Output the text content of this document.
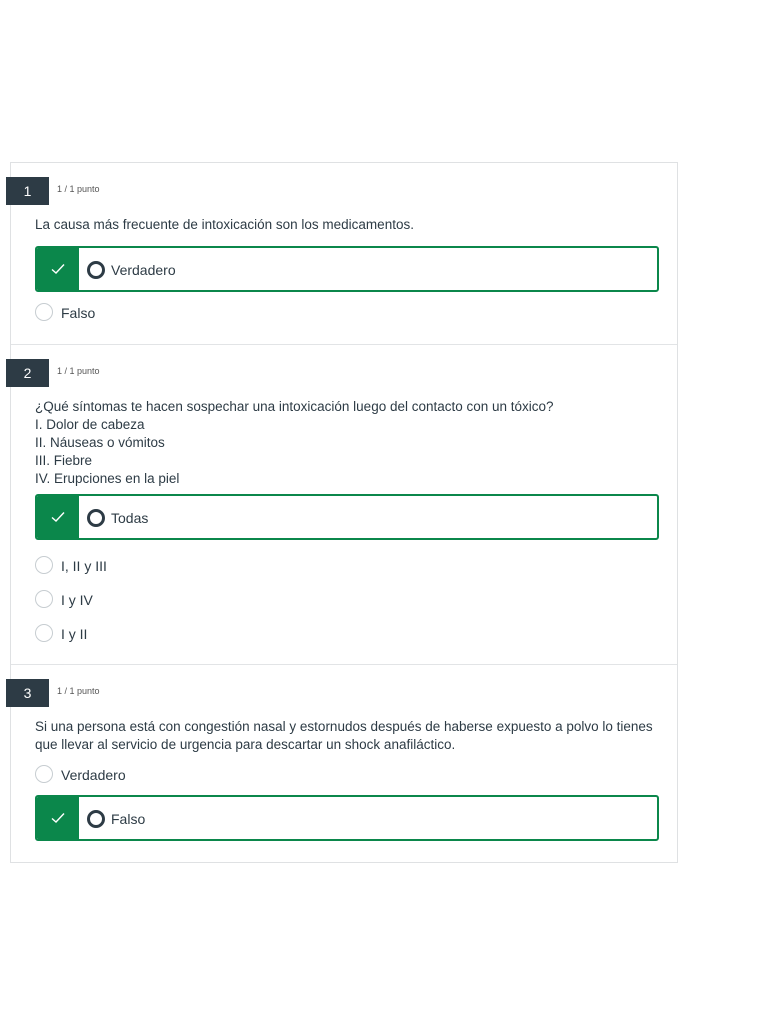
1	1 / 1 punto
La causa más frecuente de intoxicación son los medicamentos.
Verdadero
Falso
2	1 / 1 punto
¿Qué síntomas te hacen sospechar una intoxicación luego del contacto con un tóxico?
I. Dolor de cabeza
II. Náuseas o vómitos
III. Fiebre
IV. Erupciones en la piel
Todas
I, II y III
I y IV
I y II
3	1 / 1 punto
Si una persona está con congestión nasal y estornudos después de haberse expuesto a polvo lo tienes que llevar al servicio de urgencia para descartar un shock anafiláctico.
Verdadero
Falso
